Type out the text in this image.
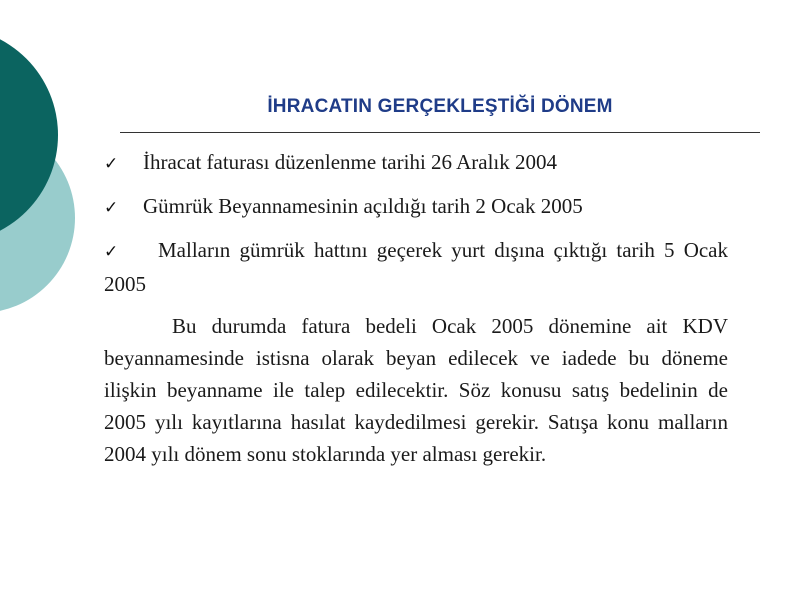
İHRACATIN GERÇEKLEŞTİĞİ DÖNEM
✓ İhracat faturası düzenlenme tarihi 26 Aralık 2004
✓ Gümrük Beyannamesinin açıldığı tarih 2 Ocak 2005
✓ Malların gümrük hattını geçerek yurt dışına çıktığı tarih 5 Ocak 2005

Bu durumda fatura bedeli Ocak 2005 dönemine ait KDV beyannamesinde istisna olarak beyan edilecek ve iadede bu döneme ilişkin beyanname ile talep edilecektir. Söz konusu satış bedelinin de 2005 yılı kayıtlarına hasılat kaydedilmesi gerekir. Satışa konu malların 2004 yılı dönem sonu stoklarında yer alması gerekir.
